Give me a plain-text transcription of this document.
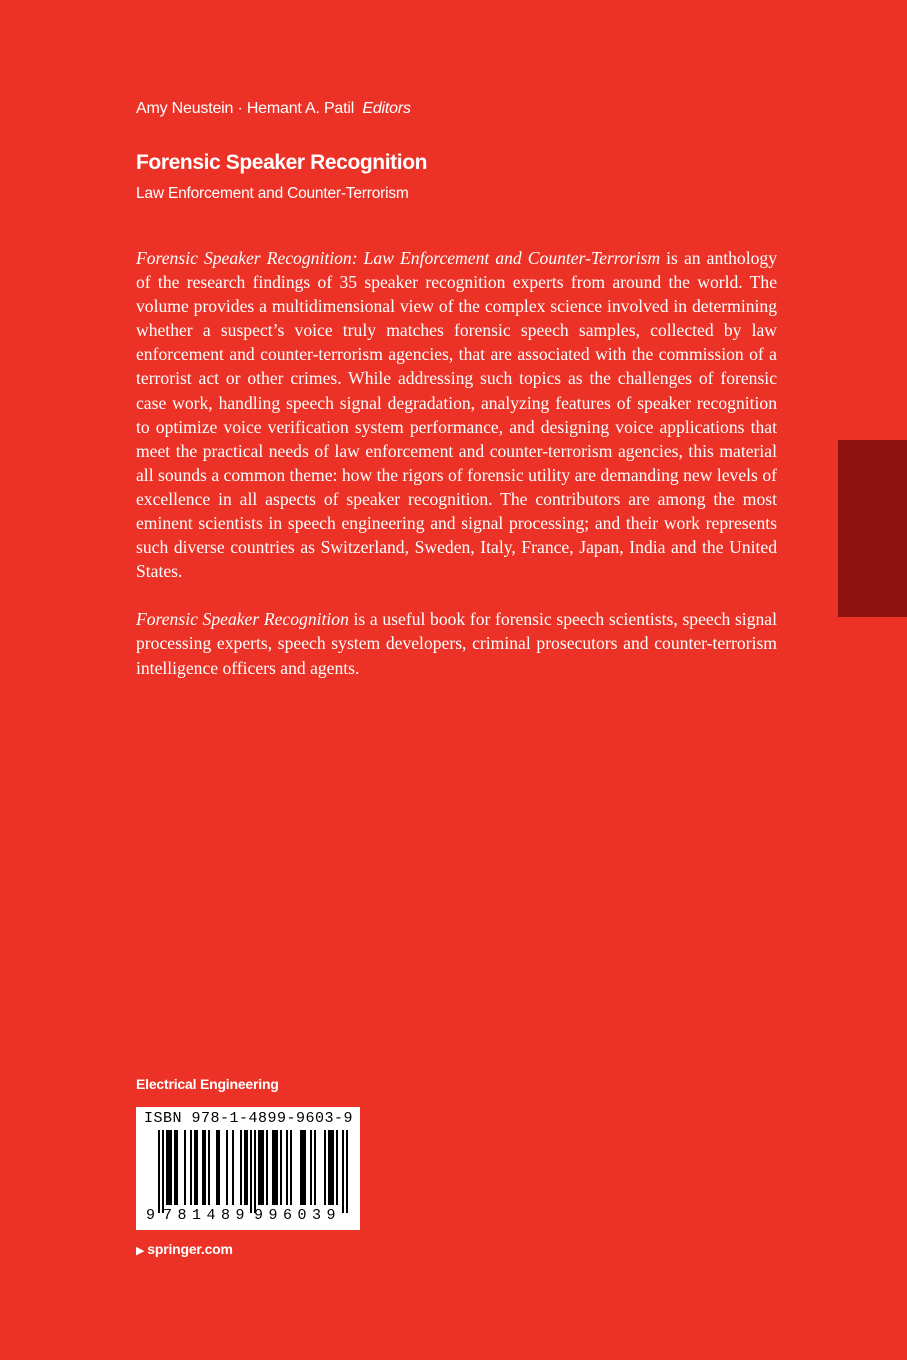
Amy Neustein · Hemant A. Patil Editors
Forensic Speaker Recognition
Law Enforcement and Counter-Terrorism

Forensic Speaker Recognition: Law Enforcement and Counter-Terrorism is an anthology of the research findings of 35 speaker recognition experts from around the world. The volume provides a multidimensional view of the complex science involved in determining whether a suspect’s voice truly matches forensic speech samples, collected by law enforcement and counter-terrorism agencies, that are associated with the commission of a terrorist act or other crimes. While addressing such topics as the challenges of forensic case work, handling speech signal degradation, analyzing features of speaker recognition to optimize voice verification system performance, and designing voice applications that meet the practical needs of law enforcement and counter-terrorism agencies, this material all sounds a common theme: how the rigors of forensic utility are demanding new levels of excellence in all aspects of speaker recognition. The contributors are among the most eminent scientists in speech engineering and signal processing; and their work represents such diverse countries as Switzerland, Sweden, Italy, France, Japan, India and the United States.

Forensic Speaker Recognition is a useful book for forensic speech scientists, speech signal processing experts, speech system developers, criminal prosecutors and counter-terrorism intelligence officers and agents.

Electrical Engineering
ISBN 978-1-4899-9603-9
9 781489 996039
▶ springer.com
